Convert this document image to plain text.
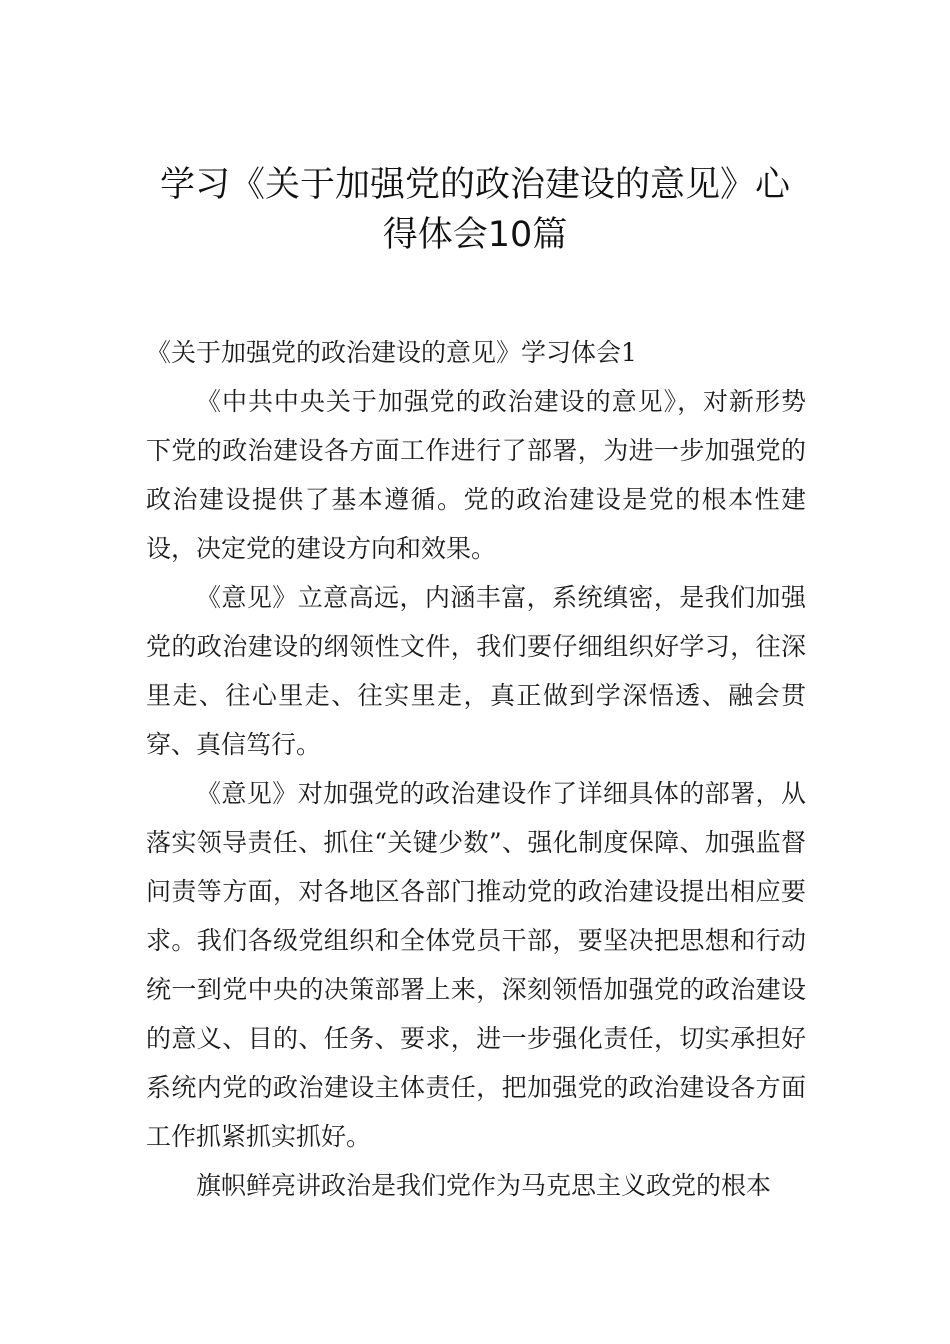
学习《关于加强党的政治建设的意见》心
得体会10篇

《关于加强党的政治建设的意见》学习体会1

《中共中央关于加强党的政治建设的意见》，对新形势下党的政治建设各方面工作进行了部署，为进一步加强党的政治建设提供了基本遵循。党的政治建设是党的根本性建设，决定党的建设方向和效果。

《意见》立意高远，内涵丰富，系统缜密，是我们加强党的政治建设的纲领性文件，我们要仔细组织好学习，往深里走、往心里走、往实里走，真正做到学深悟透、融会贯穿、真信笃行。

《意见》对加强党的政治建设作了详细具体的部署，从落实领导责任、抓住“关键少数”、强化制度保障、加强监督问责等方面，对各地区各部门推动党的政治建设提出相应要求。我们各级党组织和全体党员干部，要坚决把思想和行动统一到党中央的决策部署上来，深刻领悟加强党的政治建设的意义、目的、任务、要求，进一步强化责任，切实承担好系统内党的政治建设主体责任，把加强党的政治建设各方面工作抓紧抓实抓好。

旗帜鲜亮讲政治是我们党作为马克思主义政党的根本
